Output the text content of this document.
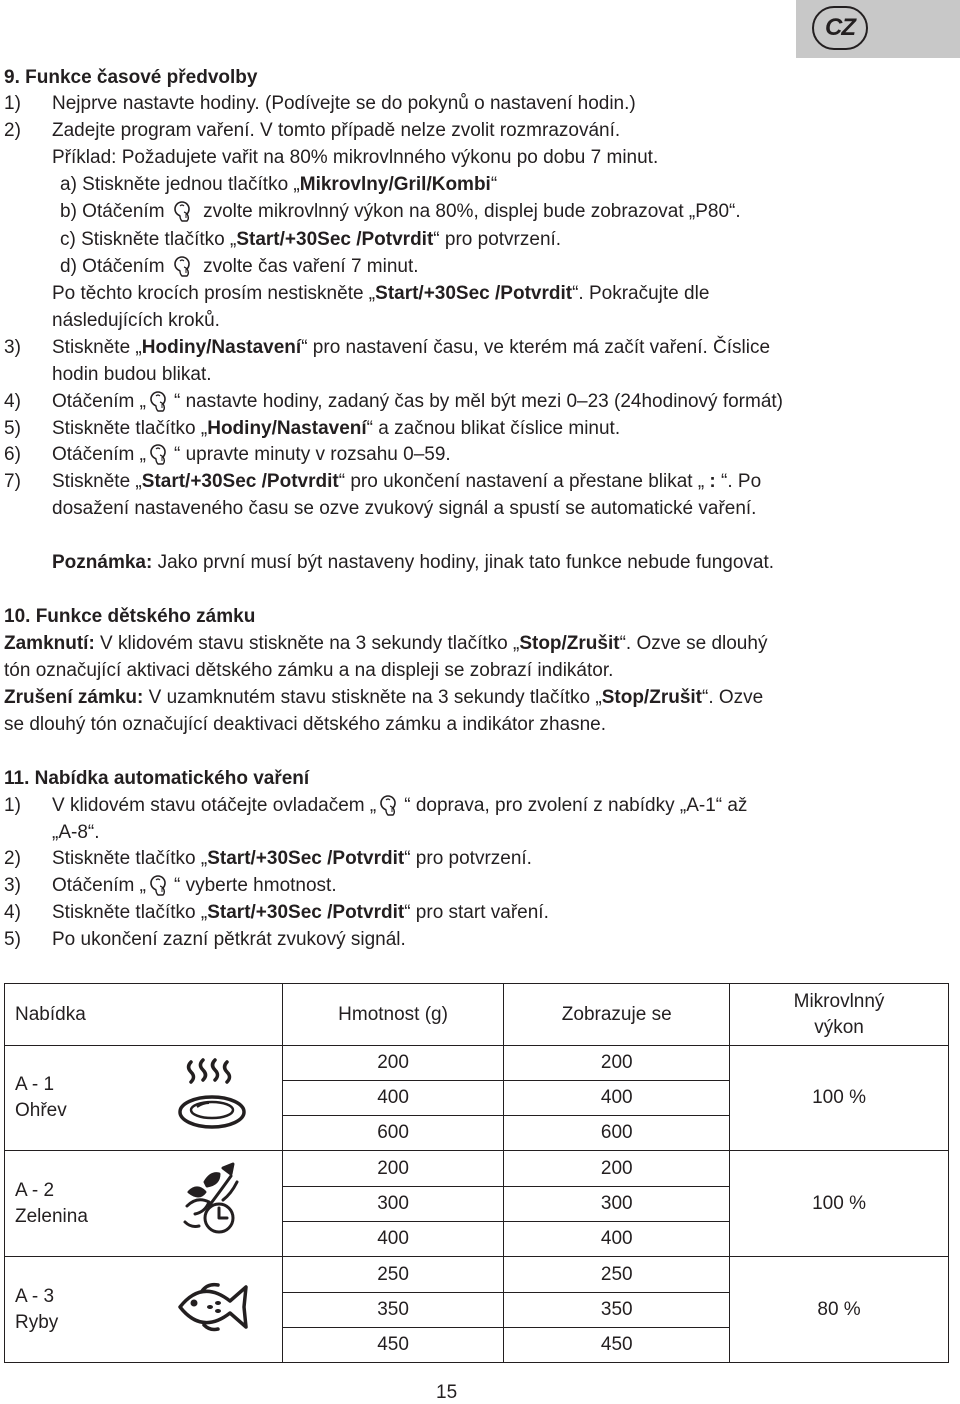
CZ
9. Funkce časové předvolby
1) Nejprve nastavte hodiny. (Podívejte se do pokynů o nastavení hodin.)
2) Zadejte program vaření. V tomto případě nelze zvolit rozmrazování.
Příklad: Požadujete vařit na 80% mikrovlnného výkonu po dobu 7 minut.
a) Stiskněte jednou tlačítko „Mikrovlny/Gril/Kombi“
b) Otáčením
zvolte mikrovlnný výkon na 80%, displej bude zobrazovat „P80“.
c) Stiskněte tlačítko „Start/+30Sec /Potvrdit“ pro potvrzení.
d) Otáčením
zvolte čas vaření 7 minut.
Po těchto krocích prosím nestiskněte „Start/+30Sec /Potvrdit“. Pokračujte dle
následujících kroků.
3) Stiskněte „Hodiny/Nastavení“ pro nastavení času, ve kterém má začít vaření. Číslice
hodin budou blikat.
4) Otáčením „ “ nastavte hodiny, zadaný čas by měl být mezi 0–23 (24hodinový formát)
5) Stiskněte tlačítko „Hodiny/Nastavení“ a začnou blikat číslice minut.
6) Otáčením „ “ upravte minuty v rozsahu 0–59.
7) Stiskněte „Start/+30Sec /Potvrdit“ pro ukončení nastavení a přestane blikat „ : “. Po
dosažení nastaveného času se ozve zvukový signál a spustí se automatické vaření.
Poznámka: Jako první musí být nastaveny hodiny, jinak tato funkce nebude fungovat.
10. Funkce dětského zámku
Zamknutí: V klidovém stavu stiskněte na 3 sekundy tlačítko „Stop/Zrušit“. Ozve se dlouhý
tón označující aktivaci dětského zámku a na displeji se zobrazí indikátor.
Zrušení zámku: V uzamknutém stavu stiskněte na 3 sekundy tlačítko „Stop/Zrušit“. Ozve
se dlouhý tón označující deaktivaci dětského zámku a indikátor zhasne.
11. Nabídka automatického vaření
1) V klidovém stavu otáčejte ovladačem „ “ doprava, pro zvolení z nabídky „A-1“ až
„A-8“.
2) Stiskněte tlačítko „Start/+30Sec /Potvrdit“ pro potvrzení.
3) Otáčením „ “ vyberte hmotnost.
4) Stiskněte tlačítko „Start/+30Sec /Potvrdit“ pro start vaření.
5) Po ukončení zazní pětkrát zvukový signál.
Nabídka		Hmotnost (g)	Zobrazuje se	Mikrovlnný výkon
A - 1
Ohřev		200	200	100 %
		400	400	
		600	600	
A - 2
Zelenina		200	200	100 %
		300	300	
		400	400	
A - 3
Ryby		250	250	80 %
		350	350	
		450	450	
15
